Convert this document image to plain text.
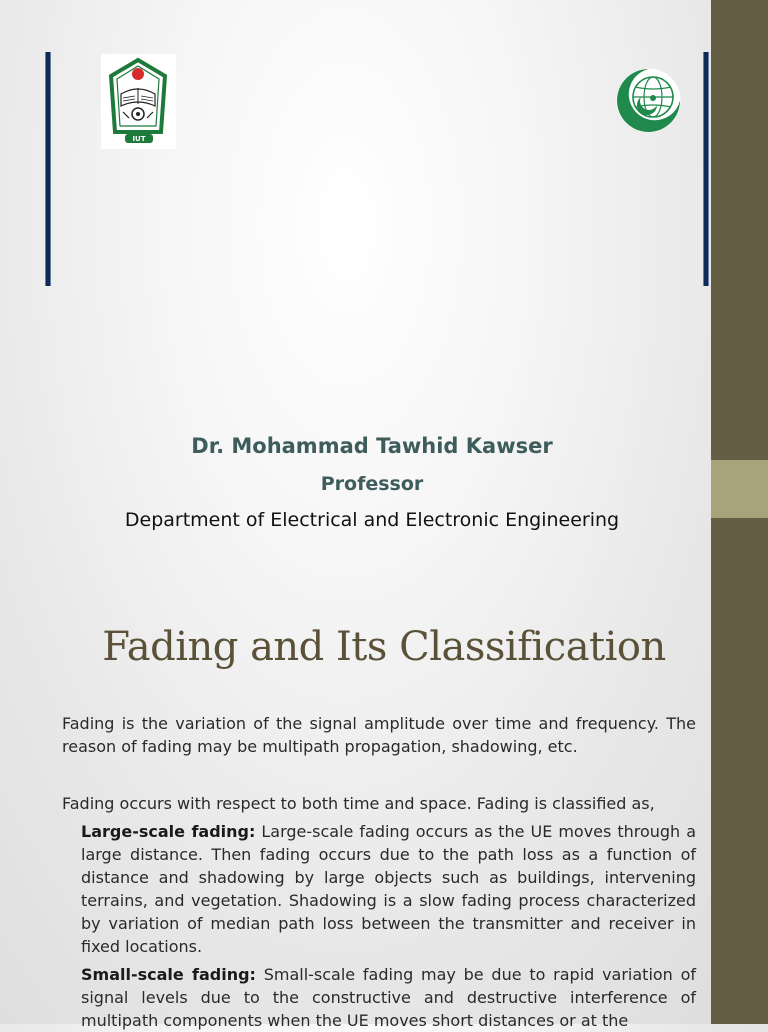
IUT
Dr. Mohammad Tawhid Kawser
Professor
Department of Electrical and Electronic Engineering
Fading and Its Classification
Fading is the variation of the signal amplitude over time and frequency. The reason of fading may be multipath propagation, shadowing, etc.
Fading occurs with respect to both time and space. Fading is classified as,
Large-scale fading: Large-scale fading occurs as the UE moves through a large distance. Then fading occurs due to the path loss as a function of distance and shadowing by large objects such as buildings, intervening terrains, and vegetation. Shadowing is a slow fading process characterized by variation of median path loss between the transmitter and receiver in fixed locations.
Small-scale fading: Small-scale fading may be due to rapid variation of signal levels due to the constructive and destructive interference of multipath components when the UE moves short distances or at the
